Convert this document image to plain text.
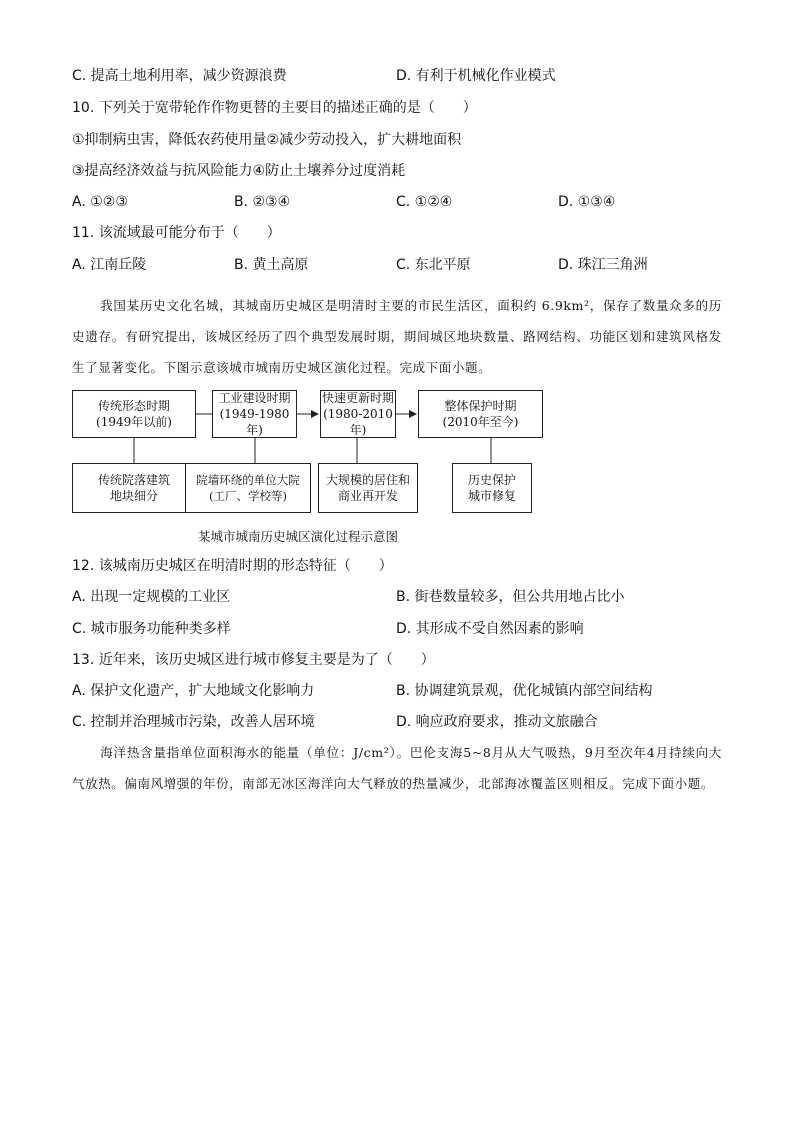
C. 提高土地利用率，减少资源浪费	D. 有利于机械化作业模式
10. 下列关于宽带轮作作物更替的主要目的描述正确的是（　　）
①抑制病虫害，降低农药使用量②减少劳动投入，扩大耕地面积
③提高经济效益与抗风险能力④防止土壤养分过度消耗
A. ①②③	B. ②③④	C. ①②④	D. ①③④
11. 该流域最可能分布于（　　）
A. 江南丘陵	B. 黄土高原	C. 东北平原	D. 珠江三角洲
我国某历史文化名城，其城南历史城区是明清时主要的市民生活区，面积约 6.9km²，保存了数量众多的历史遗存。有研究提出，该城区经历了四个典型发展时期，期间城区地块数量、路网结构、功能区划和建筑风格发生了显著变化。下图示意该城市城南历史城区演化过程。完成下面小题。
传统形态时期
(1949年以前)
工业建设时期
(1949-1980年)
快速更新时期
(1980-2010年)
整体保护时期
(2010年至今)
传统院落建筑
地块细分
院墙环绕的单位大院
(工厂、学校等)
大规模的居住和
商业再开发
历史保护
城市修复
某城市城南历史城区演化过程示意图
12. 该城南历史城区在明清时期的形态特征（　　）
A. 出现一定规模的工业区	B. 街巷数量较多，但公共用地占比小
C. 城市服务功能种类多样	D. 其形成不受自然因素的影响
13. 近年来，该历史城区进行城市修复主要是为了（　　）
A. 保护文化遗产，扩大地域文化影响力	B. 协调建筑景观，优化城镇内部空间结构
C. 控制并治理城市污染，改善人居环境	D. 响应政府要求，推动文旅融合
海洋热含量指单位面积海水的能量（单位：J/cm²）。巴伦支海5~8月从大气吸热，9月至次年4月持续向大气放热。偏南风增强的年份，南部无冰区海洋向大气释放的热量减少，北部海冰覆盖区则相反。完成下面小题。
